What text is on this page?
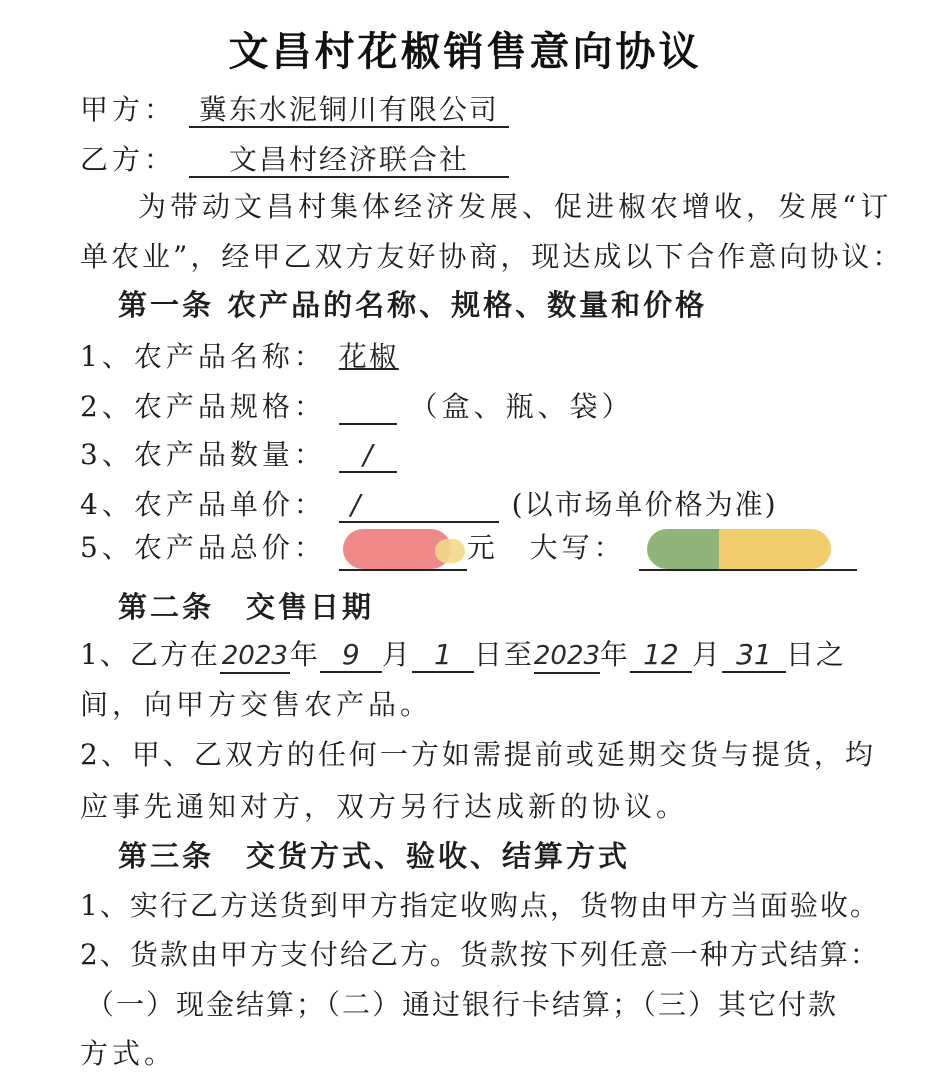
文昌村花椒销售意向协议
甲方： 冀东水泥铜川有限公司
乙方： 文昌村经济联合社
为带动文昌村集体经济发展、促进椒农增收，发展“订
单农业”，经甲乙双方友好协商，现达成以下合作意向协议：
第一条 农产品的名称、规格、数量和价格
1、农产品名称： 花椒
2、农产品规格：	（盒、瓶、袋）
3、农产品数量： /
4、农产品单价： /	(以市场单价格为准)
5、农产品总价：	元 大写：
第二条　交售日期
1、乙方在2023年 9 月 1 日至2023年 12 月 31 日之
间，向甲方交售农产品。
2、甲、乙双方的任何一方如需提前或延期交货与提货，均
应事先通知对方，双方另行达成新的协议。
第三条　交货方式、验收、结算方式
1、实行乙方送货到甲方指定收购点，货物由甲方当面验收。
2、货款由甲方支付给乙方。货款按下列任意一种方式结算：
（一）现金结算；（二）通过银行卡结算；（三）其它付款
方式。
